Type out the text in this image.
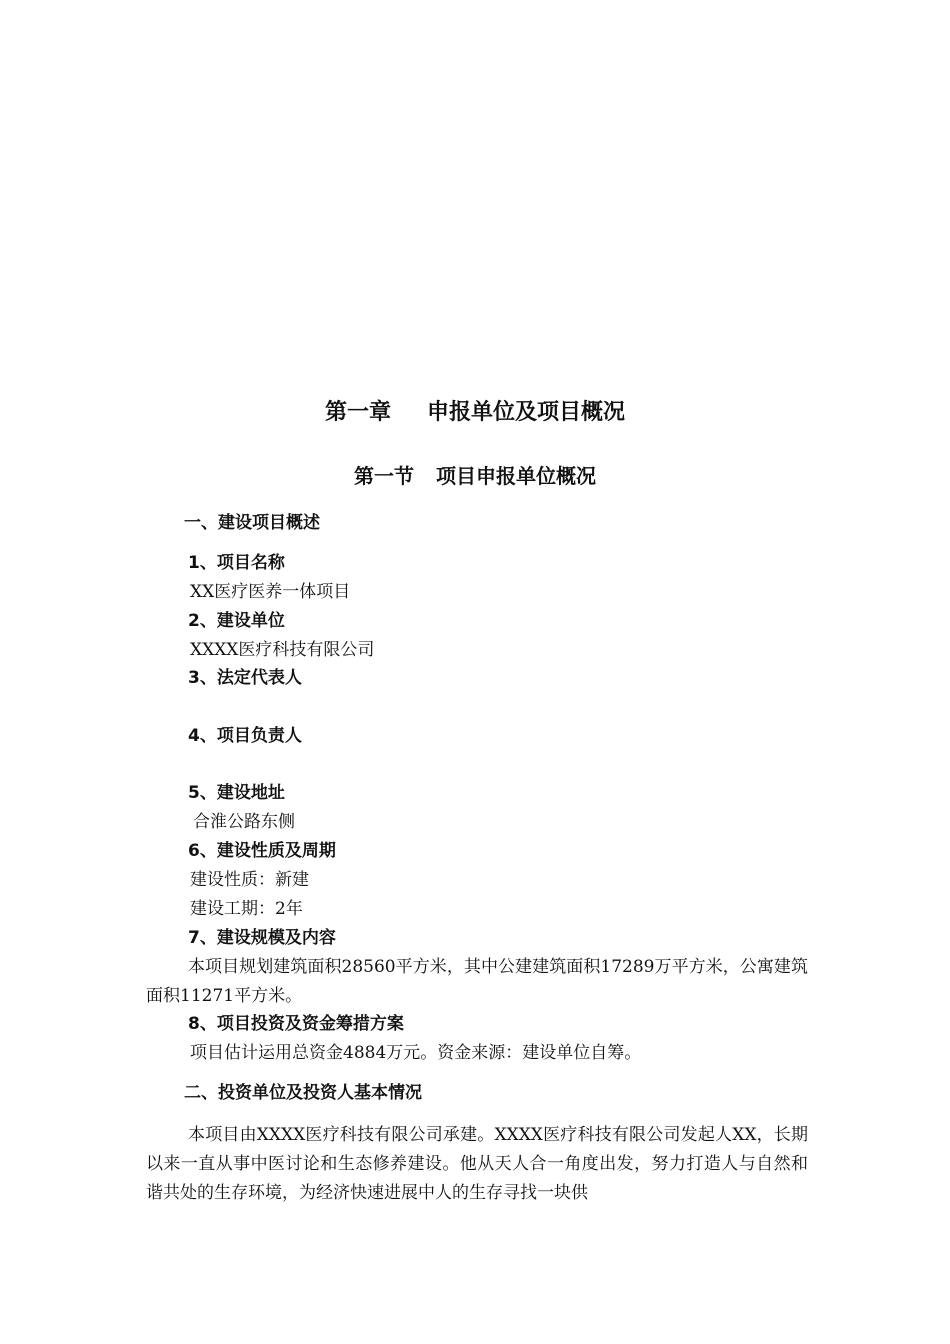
第一章 申报单位及项目概况
第一节 项目申报单位概况
一、建设项目概述
1、项目名称
XX医疗医养一体项目
2、建设单位
XXXX医疗科技有限公司
3、法定代表人
4、项目负责人
5、建设地址
合淮公路东侧
6、建设性质及周期
建设性质：新建
建设工期：2年
7、建设规模及内容
本项目规划建筑面积28560平方米，其中公建建筑面积17289万平方米，公寓建筑面积11271平方米。
8、项目投资及资金筹措方案
项目估计运用总资金4884万元。资金来源：建设单位自筹。
二、投资单位及投资人基本情况
本项目由XXXX医疗科技有限公司承建。XXXX医疗科技有限公司发起人XX，长期以来一直从事中医讨论和生态修养建设。他从天人合一角度出发，努力打造人与自然和谐共处的生存环境，为经济快速进展中人的生存寻找一块供
